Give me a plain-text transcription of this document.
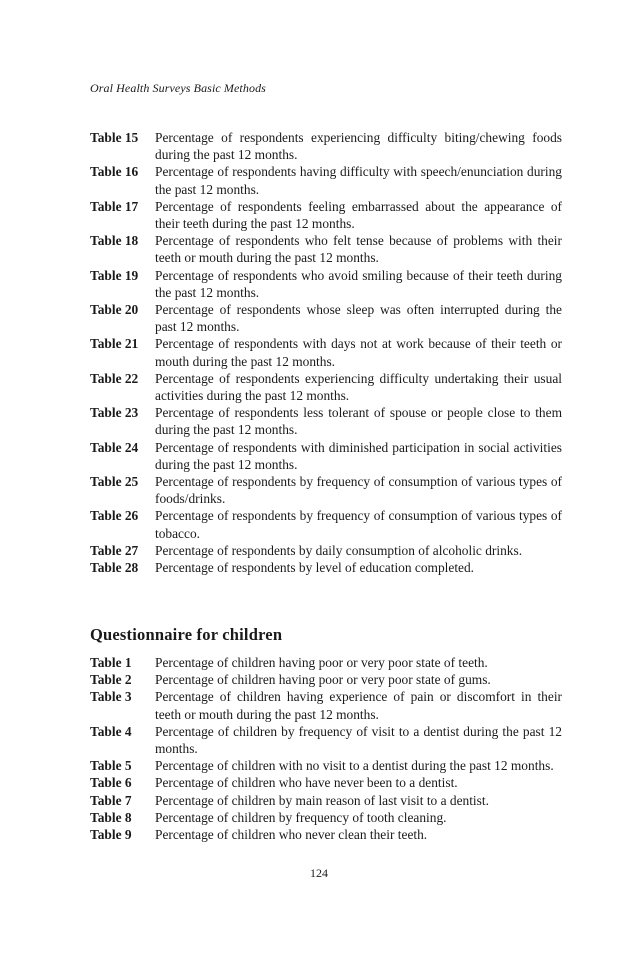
Oral Health Surveys Basic Methods
Table 15	Percentage of respondents experiencing difficulty biting/chewing foods during the past 12 months.
Table 16	Percentage of respondents having difficulty with speech/enunciation during the past 12 months.
Table 17	Percentage of respondents feeling embarrassed about the appearance of their teeth during the past 12 months.
Table 18	Percentage of respondents who felt tense because of problems with their teeth or mouth during the past 12 months.
Table 19	Percentage of respondents who avoid smiling because of their teeth during the past 12 months.
Table 20	Percentage of respondents whose sleep was often interrupted during the past 12 months.
Table 21	Percentage of respondents with days not at work because of their teeth or mouth during the past 12 months.
Table 22	Percentage of respondents experiencing difficulty undertaking their usual activities during the past 12 months.
Table 23	Percentage of respondents less tolerant of spouse or people close to them during the past 12 months.
Table 24	Percentage of respondents with diminished participation in social activities during the past 12 months.
Table 25	Percentage of respondents by frequency of consumption of various types of foods/drinks.
Table 26	Percentage of respondents by frequency of consumption of various types of tobacco.
Table 27	Percentage of respondents by daily consumption of alcoholic drinks.
Table 28	Percentage of respondents by level of education completed.
Questionnaire for children
Table 1	Percentage of children having poor or very poor state of teeth.
Table 2	Percentage of children having poor or very poor state of gums.
Table 3	Percentage of children having experience of pain or discomfort in their teeth or mouth during the past 12 months.
Table 4	Percentage of children by frequency of visit to a dentist during the past 12 months.
Table 5	Percentage of children with no visit to a dentist during the past 12 months.
Table 6	Percentage of children who have never been to a dentist.
Table 7	Percentage of children by main reason of last visit to a dentist.
Table 8	Percentage of children by frequency of tooth cleaning.
Table 9	Percentage of children who never clean their teeth.
124
